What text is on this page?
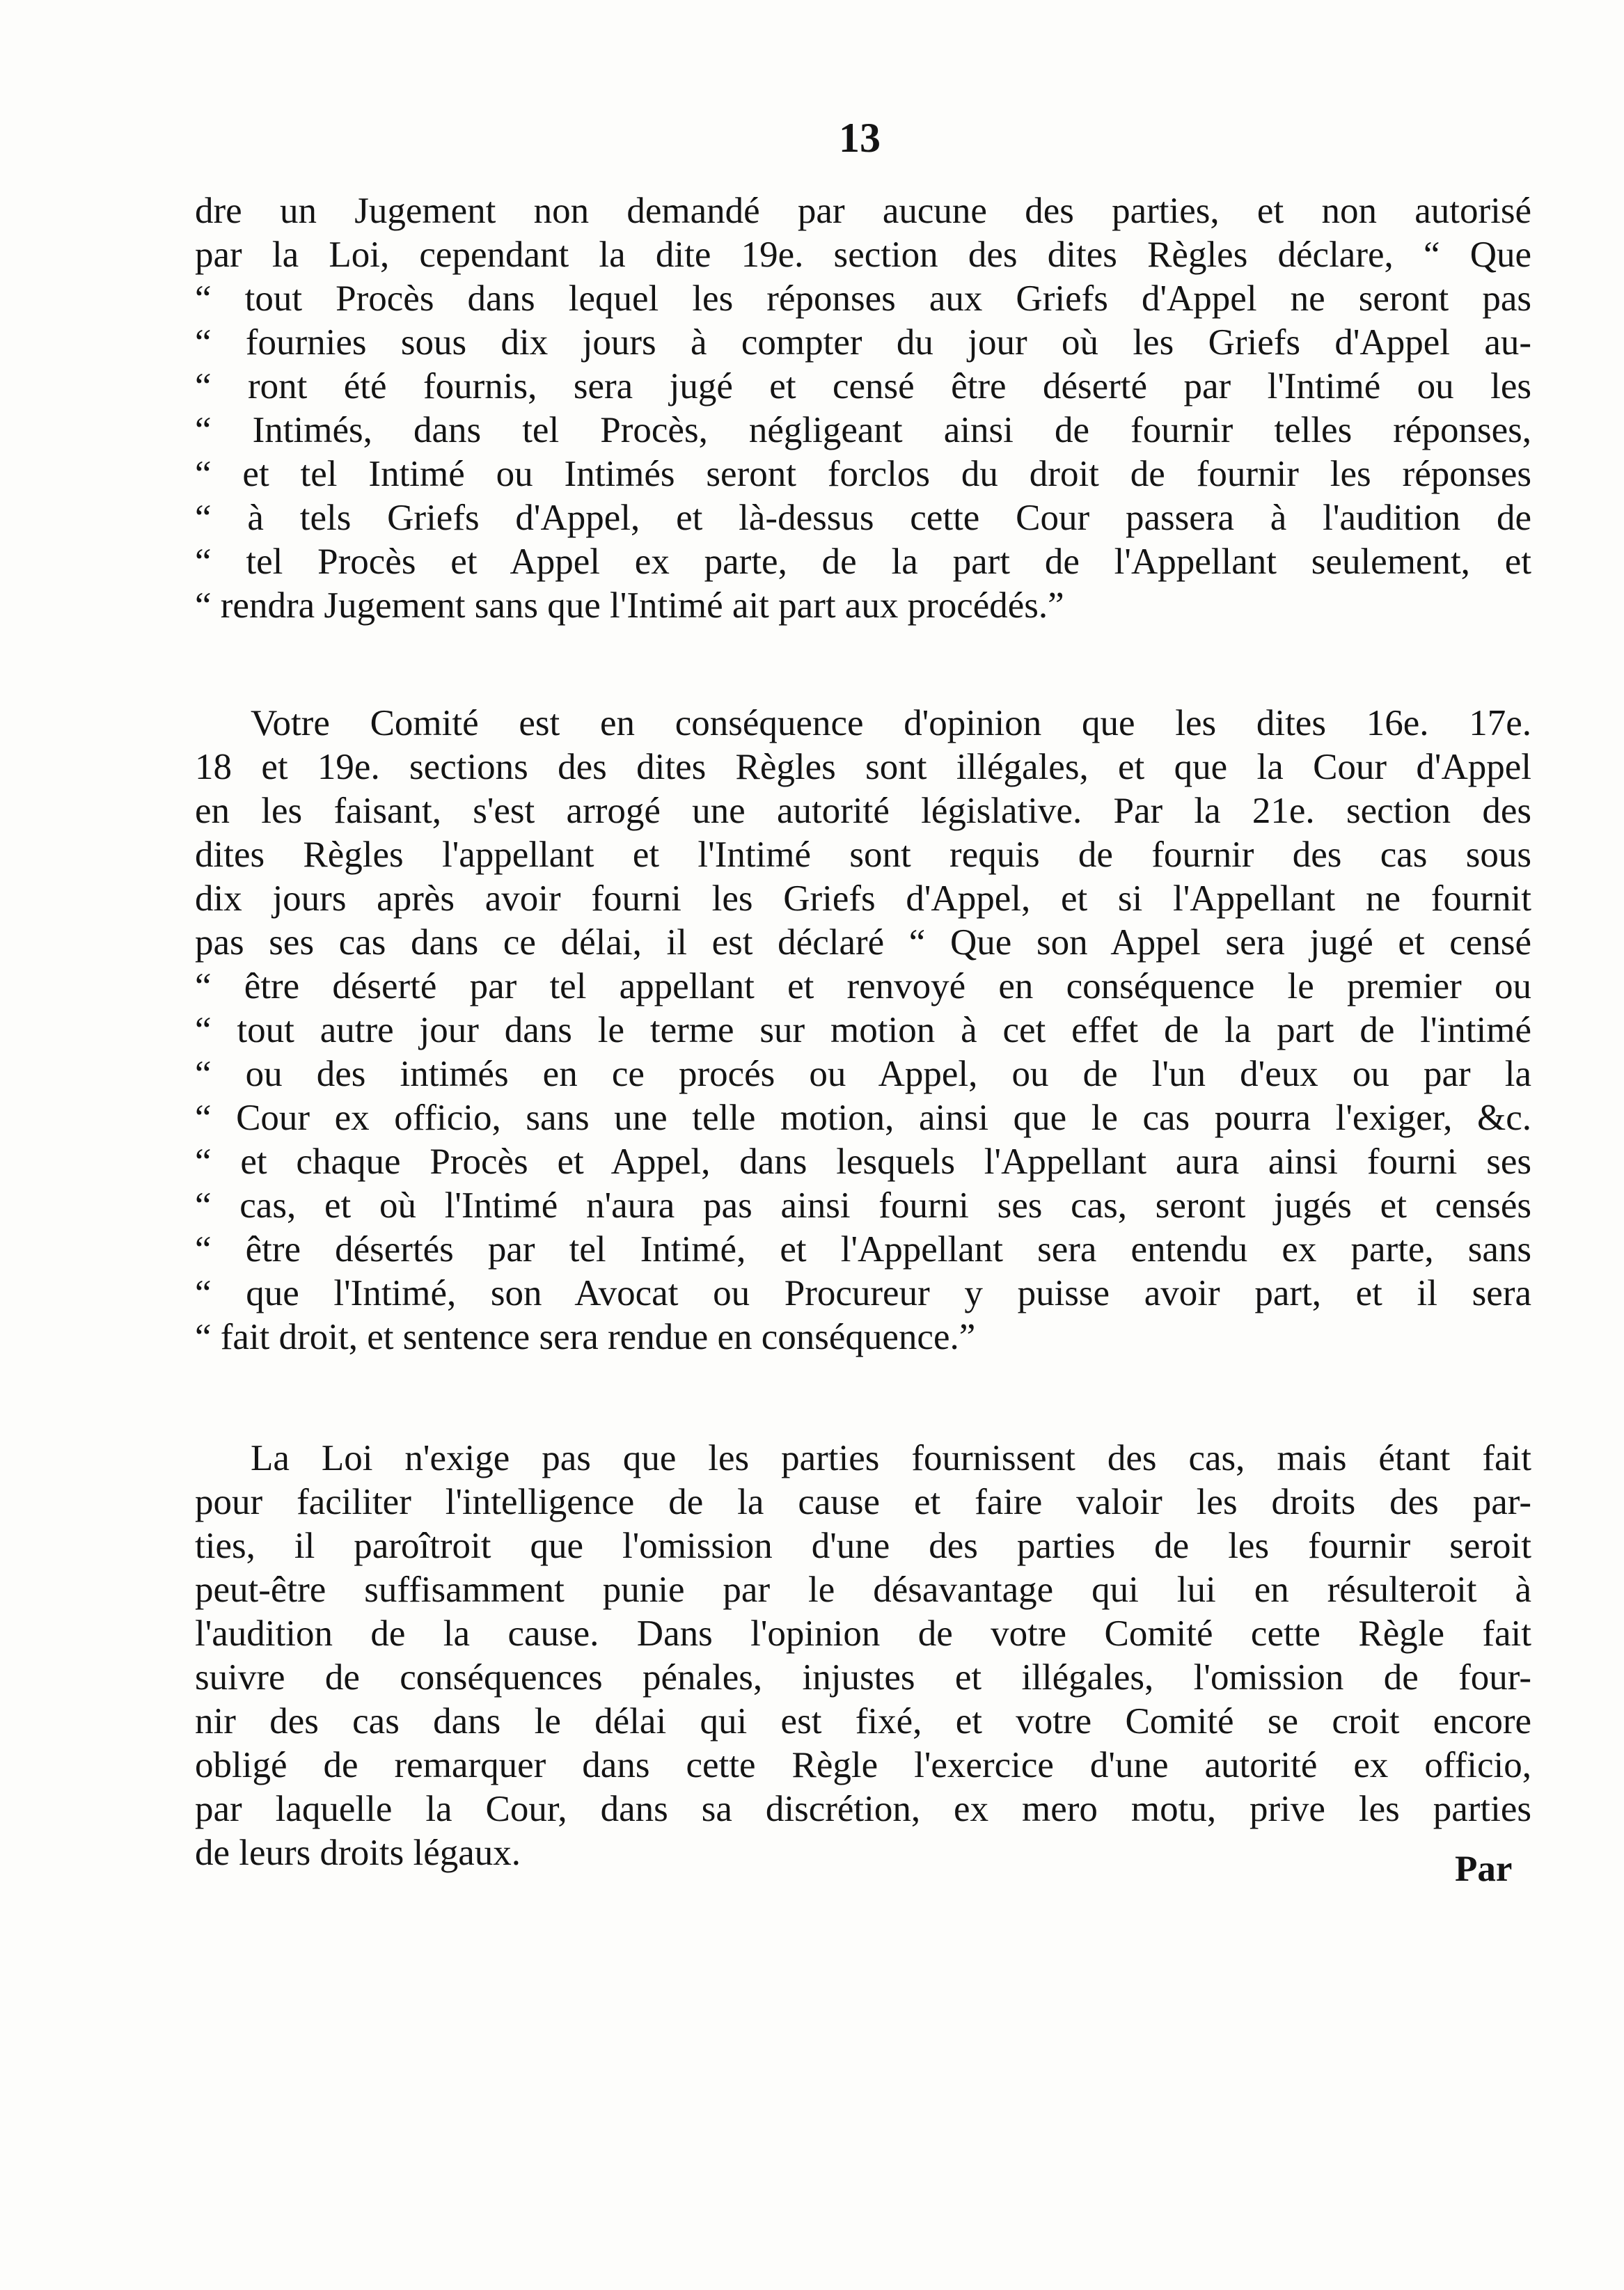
13
dre un Jugement non demandé par aucune des parties, et non autorisé
par la Loi, cependant la dite 19e. section des dites Règles déclare, “ Que
“ tout Procès dans lequel les réponses aux Griefs d'Appel ne seront pas
“ fournies sous dix jours à compter du jour où les Griefs d'Appel au-
“ ront été fournis, sera jugé et censé être déserté par l'Intimé ou les
“ Intimés, dans tel Procès, négligeant ainsi de fournir telles réponses,
“ et tel Intimé ou Intimés seront forclos du droit de fournir les réponses
“ à tels Griefs d'Appel, et là-dessus cette Cour passera à l'audition de
“ tel Procès et Appel ex parte, de la part de l'Appellant seulement, et
“ rendra Jugement sans que l'Intimé ait part aux procédés.”
Votre Comité est en conséquence d'opinion que les dites 16e. 17e.
18 et 19e. sections des dites Règles sont illégales, et que la Cour d'Appel
en les faisant, s'est arrogé une autorité législative. Par la 21e. section des
dites Règles l'appellant et l'Intimé sont requis de fournir des cas sous
dix jours après avoir fourni les Griefs d'Appel, et si l'Appellant ne fournit
pas ses cas dans ce délai, il est déclaré “ Que son Appel sera jugé et censé
“ être déserté par tel appellant et renvoyé en conséquence le premier ou
“ tout autre jour dans le terme sur motion à cet effet de la part de l'intimé
“ ou des intimés en ce procés ou Appel, ou de l'un d'eux ou par la
“ Cour ex officio, sans une telle motion, ainsi que le cas pourra l'exiger, &c.
“ et chaque Procès et Appel, dans lesquels l'Appellant aura ainsi fourni ses
“ cas, et où l'Intimé n'aura pas ainsi fourni ses cas, seront jugés et censés
“ être désertés par tel Intimé, et l'Appellant sera entendu ex parte, sans
“ que l'Intimé, son Avocat ou Procureur y puisse avoir part, et il sera
“ fait droit, et sentence sera rendue en conséquence.”
La Loi n'exige pas que les parties fournissent des cas, mais étant fait
pour faciliter l'intelligence de la cause et faire valoir les droits des par-
ties, il paroîtroit que l'omission d'une des parties de les fournir seroit
peut-être suffisamment punie par le désavantage qui lui en résulteroit à
l'audition de la cause. Dans l'opinion de votre Comité cette Règle fait
suivre de conséquences pénales, injustes et illégales, l'omission de four-
nir des cas dans le délai qui est fixé, et votre Comité se croit encore
obligé de remarquer dans cette Règle l'exercice d'une autorité ex officio,
par laquelle la Cour, dans sa discrétion, ex mero motu, prive les parties
de leurs droits légaux.	Par
